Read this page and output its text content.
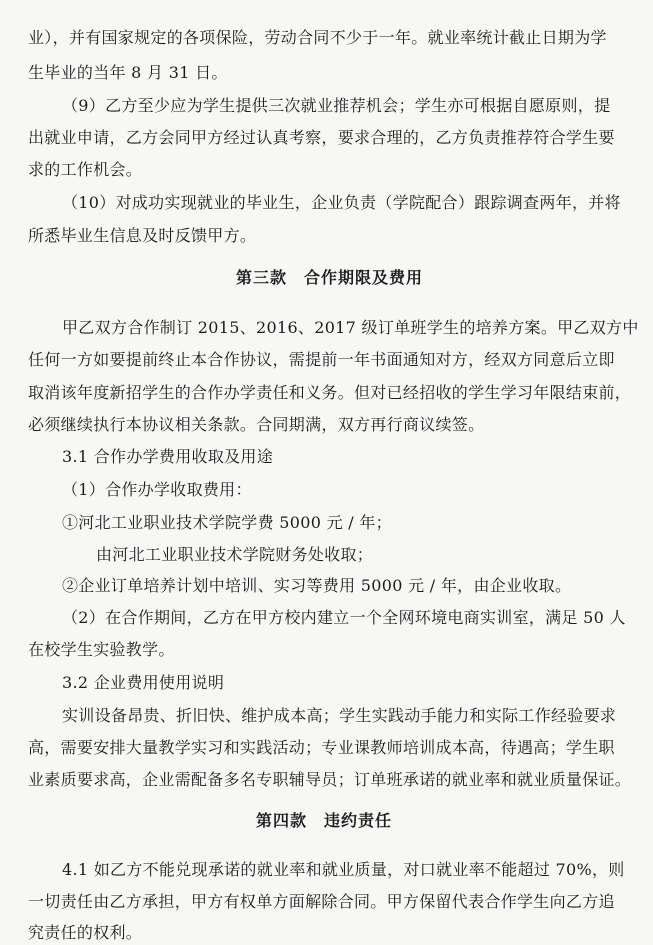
业），并有国家规定的各项保险，劳动合同不少于一年。就业率统计截止日期为学
生毕业的当年 8 月 31 日。
（9）乙方至少应为学生提供三次就业推荐机会；学生亦可根据自愿原则，提
出就业申请，乙方会同甲方经过认真考察，要求合理的，乙方负责推荐符合学生要
求的工作机会。
（10）对成功实现就业的毕业生，企业负责（学院配合）跟踪调查两年，并将
所悉毕业生信息及时反馈甲方。
第三款　合作期限及费用
甲乙双方合作制订 2015、2016、2017 级订单班学生的培养方案。甲乙双方中
任何一方如要提前终止本合作协议，需提前一年书面通知对方，经双方同意后立即
取消该年度新招学生的合作办学责任和义务。但对已经招收的学生学习年限结束前，
必须继续执行本协议相关条款。合同期满，双方再行商议续签。
3.1 合作办学费用收取及用途
（1）合作办学收取费用：
①河北工业职业技术学院学费 5000 元 / 年；
由河北工业职业技术学院财务处收取；
②企业订单培养计划中培训、实习等费用 5000 元 / 年，由企业收取。
（2）在合作期间，乙方在甲方校内建立一个全网环境电商实训室，满足 50 人
在校学生实验教学。
3.2 企业费用使用说明
实训设备昂贵、折旧快、维护成本高；学生实践动手能力和实际工作经验要求
高，需要安排大量教学实习和实践活动；专业课教师培训成本高，待遇高；学生职
业素质要求高，企业需配备多名专职辅导员；订单班承诺的就业率和就业质量保证。
第四款　违约责任
4.1 如乙方不能兑现承诺的就业率和就业质量，对口就业率不能超过 70%，则
一切责任由乙方承担，甲方有权单方面解除合同。甲方保留代表合作学生向乙方追
究责任的权利。
